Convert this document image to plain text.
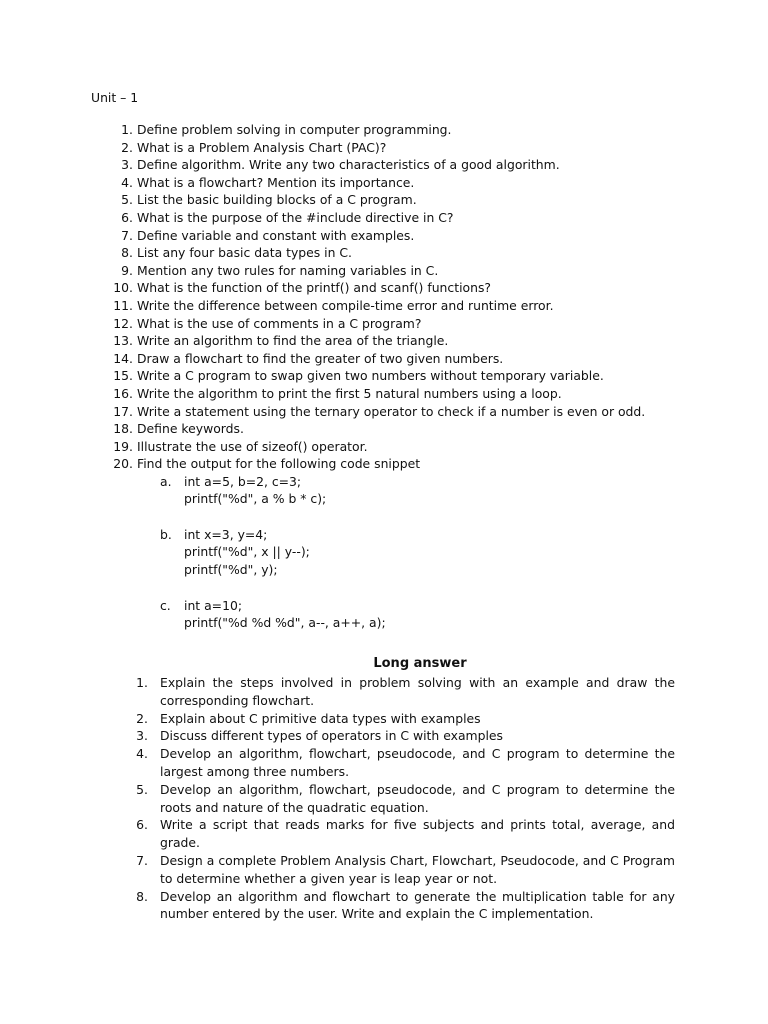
Unit – 1
1. Define problem solving in computer programming.
2. What is a Problem Analysis Chart (PAC)?
3. Define algorithm. Write any two characteristics of a good algorithm.
4. What is a flowchart? Mention its importance.
5. List the basic building blocks of a C program.
6. What is the purpose of the #include directive in C?
7. Define variable and constant with examples.
8. List any four basic data types in C.
9. Mention any two rules for naming variables in C.
10. What is the function of the printf() and scanf() functions?
11. Write the difference between compile-time error and runtime error.
12. What is the use of comments in a C program?
13. Write an algorithm to find the area of the triangle.
14. Draw a flowchart to find the greater of two given numbers.
15. Write a C program to swap given two numbers without temporary variable.
16. Write the algorithm to print the first 5 natural numbers using a loop.
17. Write a statement using the ternary operator to check if a number is even or odd.
18. Define keywords.
19. Illustrate the use of sizeof() operator.
20. Find the output for the following code snippet
a. int a=5, b=2, c=3;
printf("%d", a % b * c);
b. int x=3, y=4;
printf("%d", x || y--);
printf("%d", y);
c. int a=10;
printf("%d %d %d", a--, a++, a);
Long answer
1. Explain the steps involved in problem solving with an example and draw the corresponding flowchart.
2. Explain about C primitive data types with examples
3. Discuss different types of operators in C with examples
4. Develop an algorithm, flowchart, pseudocode, and C program to determine the largest among three numbers.
5. Develop an algorithm, flowchart, pseudocode, and C program to determine the roots and nature of the quadratic equation.
6. Write a script that reads marks for five subjects and prints total, average, and grade.
7. Design a complete Problem Analysis Chart, Flowchart, Pseudocode, and C Program to determine whether a given year is leap year or not.
8. Develop an algorithm and flowchart to generate the multiplication table for any number entered by the user. Write and explain the C implementation.
